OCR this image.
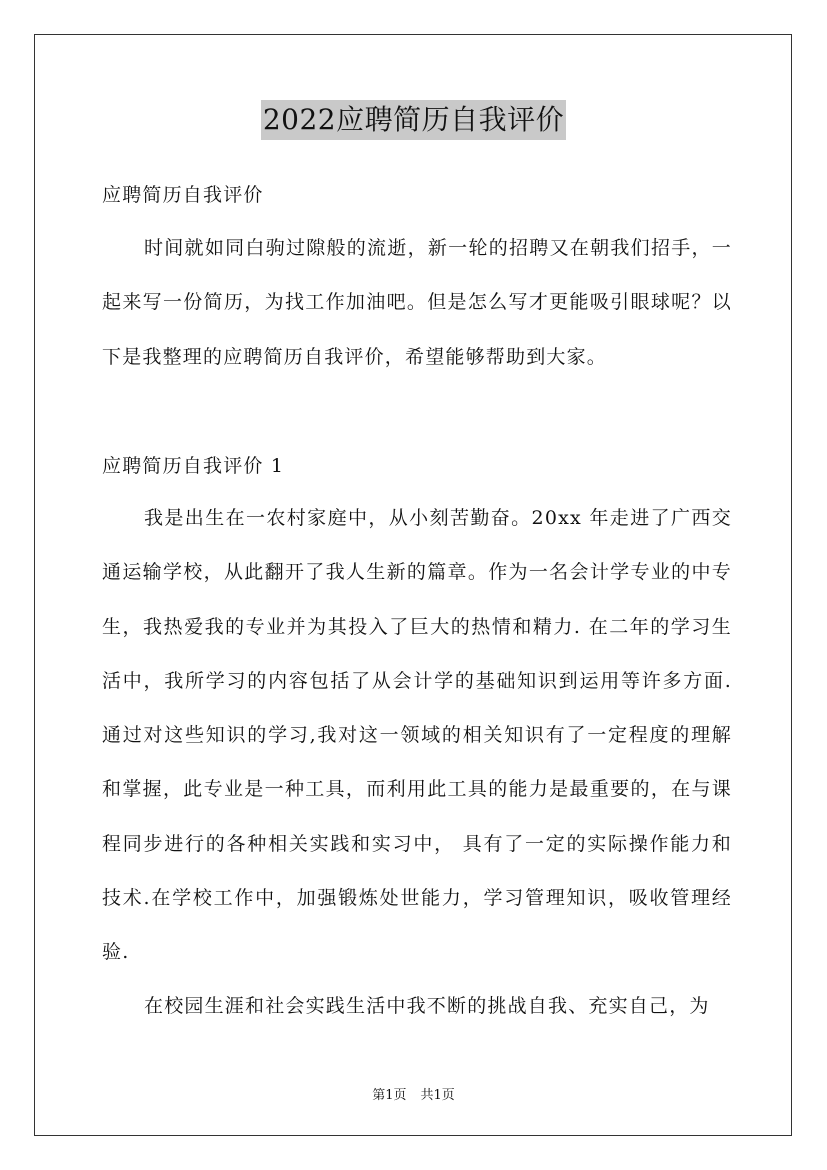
2022应聘简历自我评价
应聘简历自我评价
时间就如同白驹过隙般的流逝，新一轮的招聘又在朝我们招手，一起来写一份简历，为找工作加油吧。但是怎么写才更能吸引眼球呢？以下是我整理的应聘简历自我评价，希望能够帮助到大家。
应聘简历自我评价 1
我是出生在一农村家庭中，从小刻苦勤奋。20xx 年走进了广西交通运输学校，从此翻开了我人生新的篇章。作为一名会计学专业的中专生，我热爱我的专业并为其投入了巨大的热情和精力. 在二年的学习生活中，我所学习的内容包括了从会计学的基础知识到运用等许多方面.通过对这些知识的学习,我对这一领域的相关知识有了一定程度的理解和掌握，此专业是一种工具，而利用此工具的能力是最重要的，在与课程同步进行的各种相关实践和实习中， 具有了一定的实际操作能力和技术.在学校工作中，加强锻炼处世能力，学习管理知识，吸收管理经验.
在校园生涯和社会实践生活中我不断的挑战自我、充实自己，为
第1页 共1页
